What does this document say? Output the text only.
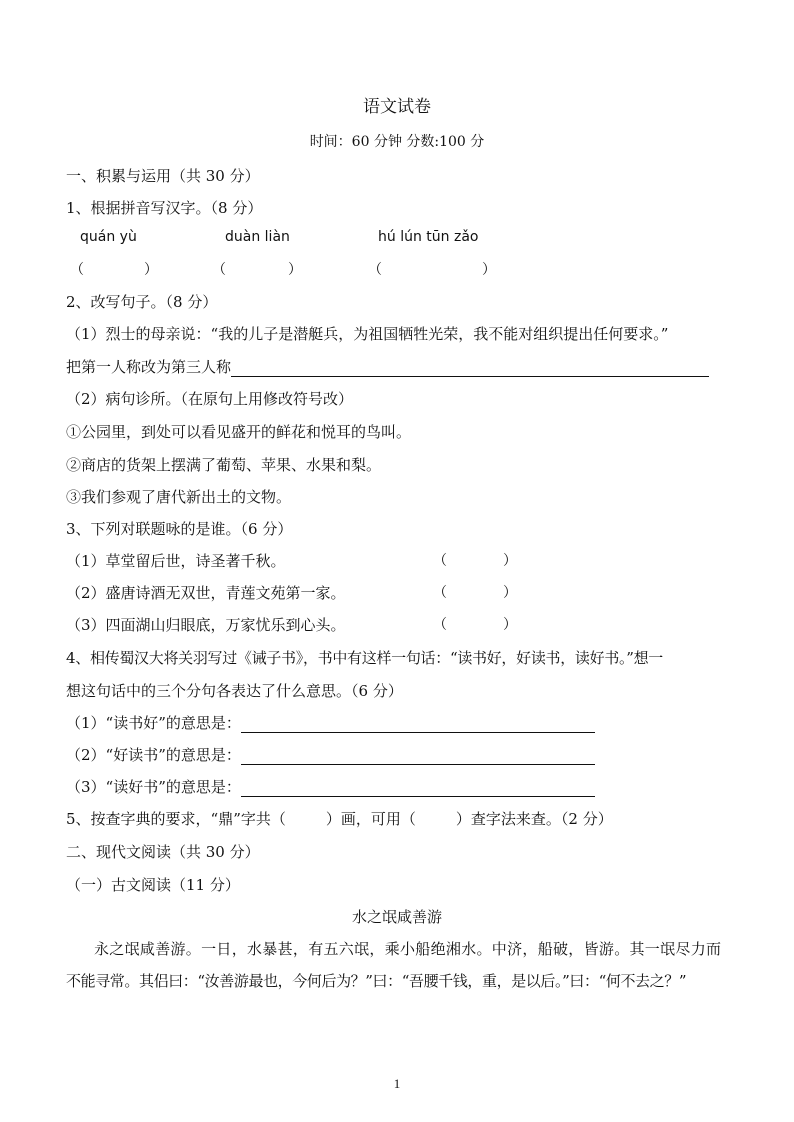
语文试卷
时间：60 分钟 分数:100 分
一、积累与运用（共 30 分）
1、根据拼音写汉字。（8 分）
quán yù	duàn liàn	hú lún tūn zǎo
（	）	（	）	（	）
2、改写句子。（8 分）
（1）烈士的母亲说：“我的儿子是潜艇兵，为祖国牺牲光荣，我不能对组织提出任何要求。”
把第一人称改为第三人称
（2）病句诊所。（在原句上用修改符号改）
①公园里，到处可以看见盛开的鲜花和悦耳的鸟叫。
②商店的货架上摆满了葡萄、苹果、水果和梨。
③我们参观了唐代新出土的文物。
3、下列对联题咏的是谁。（6 分）
（1）草堂留后世，诗圣著千秋。	（	）
（2）盛唐诗酒无双世，青莲文苑第一家。	（	）
（3）四面湖山归眼底，万家忧乐到心头。	（	）
4、相传蜀汉大将关羽写过《诫子书》，书中有这样一句话：“读书好，好读书，读好书。”想一
想这句话中的三个分句各表达了什么意思。（6 分）
（1）“读书好”的意思是：
（2）“好读书”的意思是：
（3）“读好书”的意思是：
5、按查字典的要求，“鼎”字共（	）画，可用（	）查字法来查。（2 分）
二、现代文阅读（共 30 分）
（一）古文阅读（11 分）
水之氓咸善游
永之氓咸善游。一日，水暴甚，有五六氓，乘小船绝湘水。中济，船破，皆游。其一氓尽力而
不能寻常。其侣曰：“汝善游最也，今何后为？”曰：“吾腰千钱，重，是以后。”曰：“何不去之？”
1
